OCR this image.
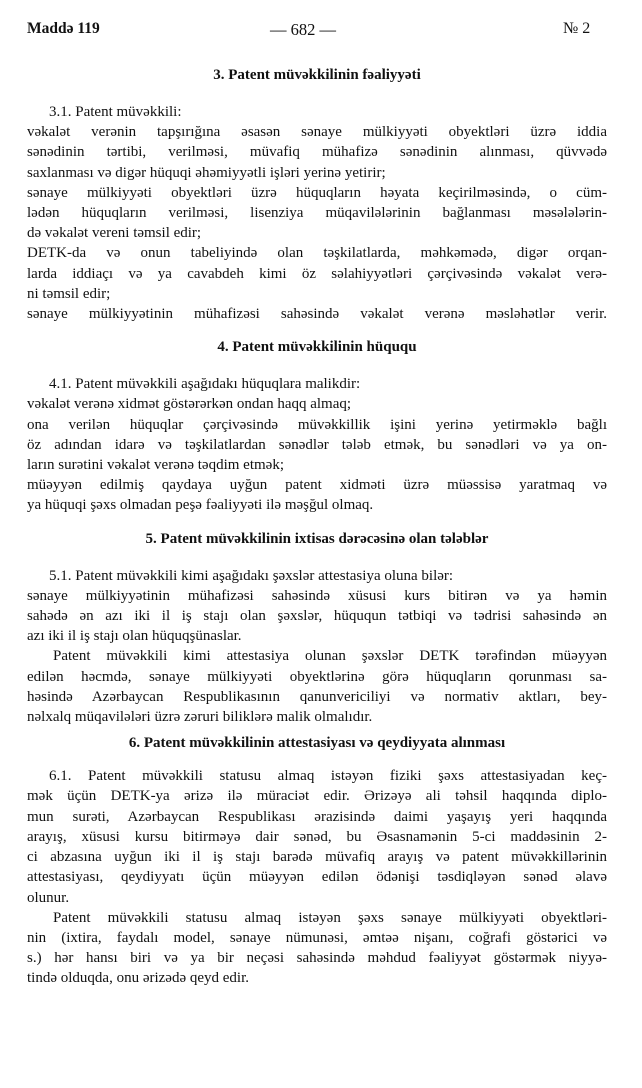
Maddə 119	— 682 —	№ 2
3. Patent müvəkkilinin fəaliyyəti
3.1. Patent müvəkkili:
vəkalət verənin tapşırığına əsasən sənaye mülkiyyəti obyektləri üzrə iddia
sənədinin tərtibi, verilməsi, müvafiq mühafizə sənədinin alınması, qüvvədə
saxlanması və digər hüquqi əhəmiyyətli işləri yerinə yetirir;
sənaye mülkiyyəti obyektləri üzrə hüquqların həyata keçirilməsində, o cüm-
lədən hüquqların verilməsi, lisenziya müqavilələrinin bağlanması məsələlərin-
də vəkalət vereni təmsil edir;
DETK-da və onun tabeliyində olan təşkilatlarda, məhkəmədə, digər orqan-
larda iddiaçı və ya cavabdeh kimi öz səlahiyyətləri çərçivəsində vəkalət verə-
ni təmsil edir;
sənaye mülkiyyətinin mühafizəsi sahəsində vəkalət verənə məsləhətlər verir.
4. Patent müvəkkilinin hüququ
4.1. Patent müvəkkili aşağıdakı hüquqlara malikdir:
vəkalət verənə xidmət göstərərkən ondan haqq almaq;
ona verilən hüquqlar çərçivəsində müvəkkillik işini yerinə yetirməklə bağlı
öz adından idarə və təşkilatlardan sənədlər tələb etmək, bu sənədləri və ya on-
ların surətini vəkalət verənə təqdim etmək;
müəyyən edilmiş qaydaya uyğun patent xidməti üzrə müəssisə yaratmaq və
ya hüquqi şəxs olmadan peşə fəaliyyəti ilə məşğul olmaq.
5. Patent müvəkkilinin ixtisas dərəcəsinə olan tələblər
5.1. Patent müvəkkili kimi aşağıdakı şəxslər attestasiya oluna bilər:
sənaye mülkiyyətinin mühafizəsi sahəsində xüsusi kurs bitirən və ya həmin
sahədə ən azı iki il iş stajı olan şəxslər, hüququn tətbiqi və tədrisi sahəsində ən
azı iki il iş stajı olan hüquqşünaslar.
Patent müvəkkili kimi attestasiya olunan şəxslər DETK tərəfindən müəyyən
edilən həcmdə, sənaye mülkiyyəti obyektlərinə görə hüquqların qorunması sa-
həsində Azərbaycan Respublikasının qanunvericiliyi və normativ aktları, bey-
nəlxalq müqavilələri üzrə zəruri biliklərə malik olmalıdır.
6. Patent müvəkkilinin attestasiyası və qeydiyyata alınması
6.1. Patent müvəkkili statusu almaq istəyən fiziki şəxs attestasiyadan keç-
mək üçün DETK-ya ərizə ilə müraciət edir. Ərizəyə ali təhsil haqqında diplo-
mun surəti, Azərbaycan Respublikası ərazisində daimi yaşayış yeri haqqında
arayış, xüsusi kursu bitirməyə dair sənəd, bu Əsasnamənin 5-ci maddəsinin 2-
ci abzasına uyğun iki il iş stajı barədə müvafiq arayış və patent müvəkkillərinin
attestasiyası, qeydiyyatı üçün müəyyən edilən ödənişi təsdiqləyən sənəd əlavə
olunur.
Patent müvəkkili statusu almaq istəyən şəxs sənaye mülkiyyəti obyektləri-
nin (ixtira, faydalı model, sənaye nümunəsi, əmtəə nişanı, coğrafi göstərici və
s.) hər hansı biri və ya bir neçəsi sahəsində məhdud fəaliyyət göstərmək niyyə-
tində olduqda, onu ərizədə qeyd edir.
